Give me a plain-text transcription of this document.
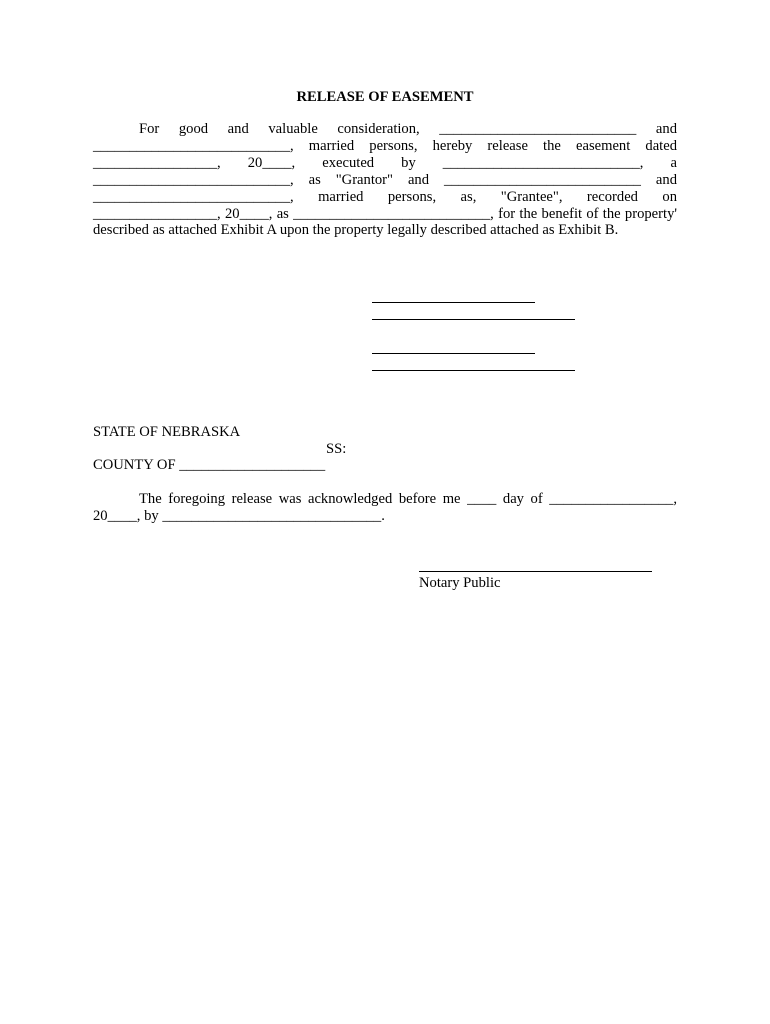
RELEASE OF EASEMENT

For good and valuable consideration, ___________________________ and ___________________________, married persons, hereby release the easement dated _________________, 20____, executed by ___________________________, a ___________________________, as "Grantor" and ___________________________ and ___________________________, married persons, as, "Grantee", recorded on _________________, 20____, as ___________________________, for the benefit of the property' described as attached Exhibit A upon the property legally described attached as Exhibit B.

STATE OF NEBRASKA
SS:
COUNTY OF ____________________

The foregoing release was acknowledged before me ____ day of _________________, 20____, by ______________________________.

Notary Public
